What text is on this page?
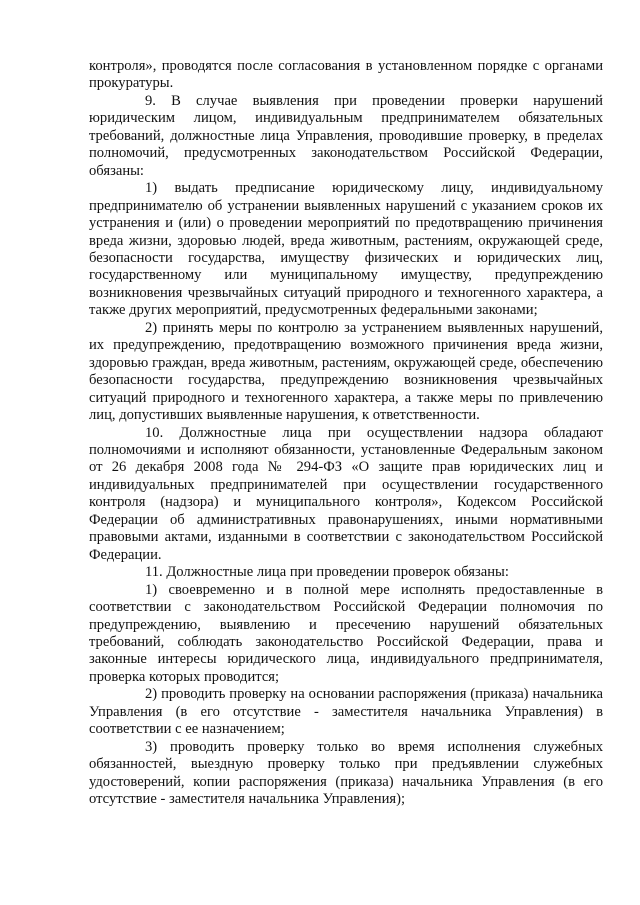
контроля», проводятся после согласования в установленном порядке с органами прокуратуры.

9. В случае выявления при проведении проверки нарушений юридическим лицом, индивидуальным предпринимателем обязательных требований, должностные лица Управления, проводившие проверку, в пределах полномочий, предусмотренных законодательством Российской Федерации, обязаны:

1) выдать предписание юридическому лицу, индивидуальному предпринимателю об устранении выявленных нарушений с указанием сроков их устранения и (или) о проведении мероприятий по предотвращению причинения вреда жизни, здоровью людей, вреда животным, растениям, окружающей среде, безопасности государства, имуществу физических и юридических лиц, государственному или муниципальному имуществу, предупреждению возникновения чрезвычайных ситуаций природного и техногенного характера, а также других мероприятий, предусмотренных федеральными законами;

2) принять меры по контролю за устранением выявленных нарушений, их предупреждению, предотвращению возможного причинения вреда жизни, здоровью граждан, вреда животным, растениям, окружающей среде, обеспечению безопасности государства, предупреждению возникновения чрезвычайных ситуаций природного и техногенного характера, а также меры по привлечению лиц, допустивших выявленные нарушения, к ответственности.

10. Должностные лица при осуществлении надзора обладают полномочиями и исполняют обязанности, установленные Федеральным законом от 26 декабря 2008 года № 294-ФЗ «О защите прав юридических лиц и индивидуальных предпринимателей при осуществлении государственного контроля (надзора) и муниципального контроля», Кодексом Российской Федерации об административных правонарушениях, иными нормативными правовыми актами, изданными в соответствии с законодательством Российской Федерации.

11. Должностные лица при проведении проверок обязаны:

1) своевременно и в полной мере исполнять предоставленные в соответствии с законодательством Российской Федерации полномочия по предупреждению, выявлению и пресечению нарушений обязательных требований, соблюдать законодательство Российской Федерации, права и законные интересы юридического лица, индивидуального предпринимателя, проверка которых проводится;

2) проводить проверку на основании распоряжения (приказа) начальника Управления (в его отсутствие - заместителя начальника Управления) в соответствии с ее назначением;

3) проводить проверку только во время исполнения служебных обязанностей, выездную проверку только при предъявлении служебных удостоверений, копии распоряжения (приказа) начальника Управления (в его отсутствие - заместителя начальника Управления);
